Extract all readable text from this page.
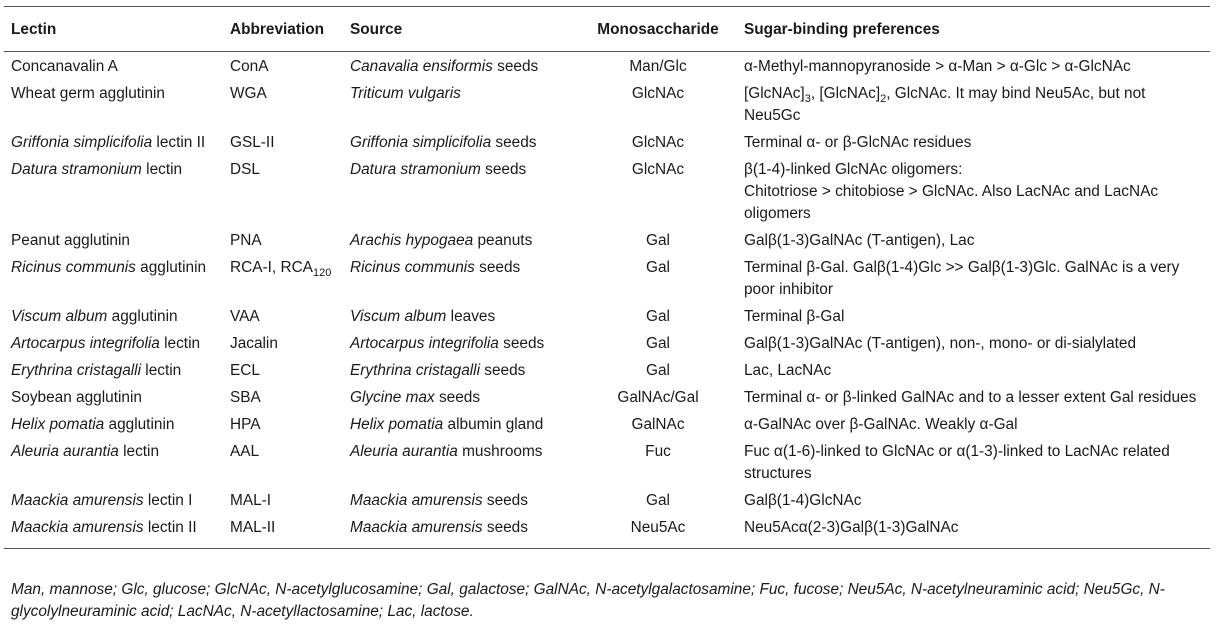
Lectin	Abbreviation	Source	Monosaccharide	Sugar-binding preferences
Concanavalin A	ConA	Canavalia ensiformis seeds	Man/Glc	α-Methyl-mannopyranoside > α-Man > α-Glc > α-GlcNAc
Wheat germ agglutinin	WGA	Triticum vulgaris	GlcNAc	$[GlcNAc]_3$, $[GlcNAc]_2$, GlcNAc. It may bind Neu5Ac, but not Neu5Gc
Griffonia simplicifolia lectin II	GSL-II	Griffonia simplicifolia seeds	GlcNAc	Terminal α- or β-GlcNAc residues
Datura stramonium lectin	DSL	Datura stramonium seeds	GlcNAc	β(1-4)-linked GlcNAc oligomers:
Chitotriose > chitobiose > GlcNAc. Also LacNAc and LacNAc oligomers

Peanut agglutinin	PNA	Arachis hypogaea peanuts	Gal	Galβ(1-3)GalNAc (T-antigen), Lac
Ricinus communis agglutinin	RCA-I, $RCA_{120}$	Ricinus communis seeds	Gal	Terminal β-Gal. Galβ(1-4)Glc >> Galβ(1-3)Glc. GalNAc is a very poor inhibitor
Viscum album agglutinin	VAA	Viscum album leaves	Gal	Terminal β-Gal
Artocarpus integrifolia lectin	Jacalin	Artocarpus integrifolia seeds	Gal	Galβ(1-3)GalNAc (T-antigen), non-, mono- or di-sialylated
Erythrina cristagalli lectin	ECL	Erythrina cristagalli seeds	Gal	Lac, LacNAc
Soybean agglutinin	SBA	Glycine max seeds	GalNAc/Gal	Terminal α- or β-linked GalNAc and to a lesser extent Gal residues
Helix pomatia agglutinin	HPA	Helix pomatia albumin gland	GalNAc	α-GalNAc over β-GalNAc. Weakly α-Gal
Aleuria aurantia lectin	AAL	Aleuria aurantia mushrooms	Fuc	Fuc α(1-6)-linked to GlcNAc or α(1-3)-linked to LacNAc related structures
Maackia amurensis lectin I	MAL-I	Maackia amurensis seeds	Gal	Galβ(1-4)GlcNAc
Maackia amurensis lectin II	MAL-II	Maackia amurensis seeds	Neu5Ac	Neu5Acα(2-3)Galβ(1-3)GalNAc
Man, mannose; Glc, glucose; GlcNAc, N-acetylglucosamine; Gal, galactose; GalNAc, N-acetylgalactosamine; Fuc, fucose; Neu5Ac, N-acetylneuraminic acid; Neu5Gc, N-glycolylneuraminic acid; LacNAc, N-acetyllactosamine; Lac, lactose.
